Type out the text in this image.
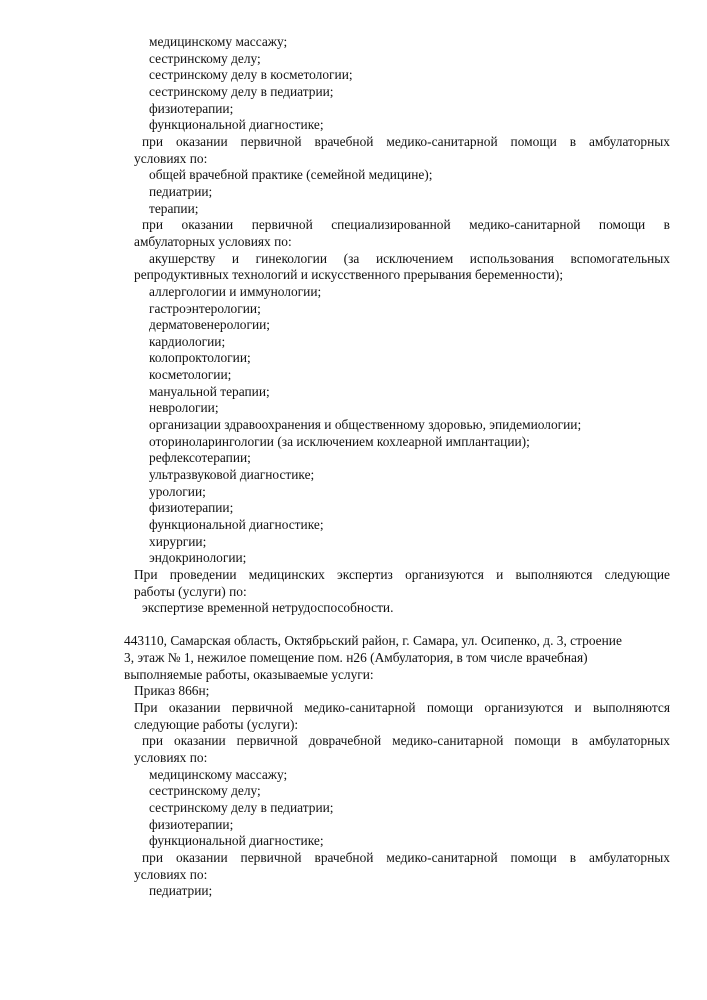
медицинскому массажу;
сестринскому делу;
сестринскому делу в косметологии;
сестринскому делу в педиатрии;
физиотерапии;
функциональной диагностике;
при оказании первичной врачебной медико-санитарной помощи в амбулаторных
условиях по:
общей врачебной практике (семейной медицине);
педиатрии;
терапии;
при оказании первичной специализированной медико-санитарной помощи в
амбулаторных условиях по:
акушерству и гинекологии (за исключением использования вспомогательных
репродуктивных технологий и искусственного прерывания беременности);
аллергологии и иммунологии;
гастроэнтерологии;
дерматовенерологии;
кардиологии;
колопроктологии;
косметологии;
мануальной терапии;
неврологии;
организации здравоохранения и общественному здоровью, эпидемиологии;
оториноларингологии (за исключением кохлеарной имплантации);
рефлексотерапии;
ультразвуковой диагностике;
урологии;
физиотерапии;
функциональной диагностике;
хирургии;
эндокринологии;
При проведении медицинских экспертиз организуются и выполняются следующие
работы (услуги) по:
экспертизе временной нетрудоспособности.
443110, Самарская область, Октябрьский район, г. Самара, ул. Осипенко, д. 3, строение
3, этаж № 1, нежилое помещение пом. н26 (Амбулатория, в том числе врачебная)
выполняемые работы, оказываемые услуги:
Приказ 866н;
При оказании первичной медико-санитарной помощи организуются и выполняются
следующие работы (услуги):
при оказании первичной доврачебной медико-санитарной помощи в амбулаторных
условиях по:
медицинскому массажу;
сестринскому делу;
сестринскому делу в педиатрии;
физиотерапии;
функциональной диагностике;
при оказании первичной врачебной медико-санитарной помощи в амбулаторных
условиях по:
педиатрии;
